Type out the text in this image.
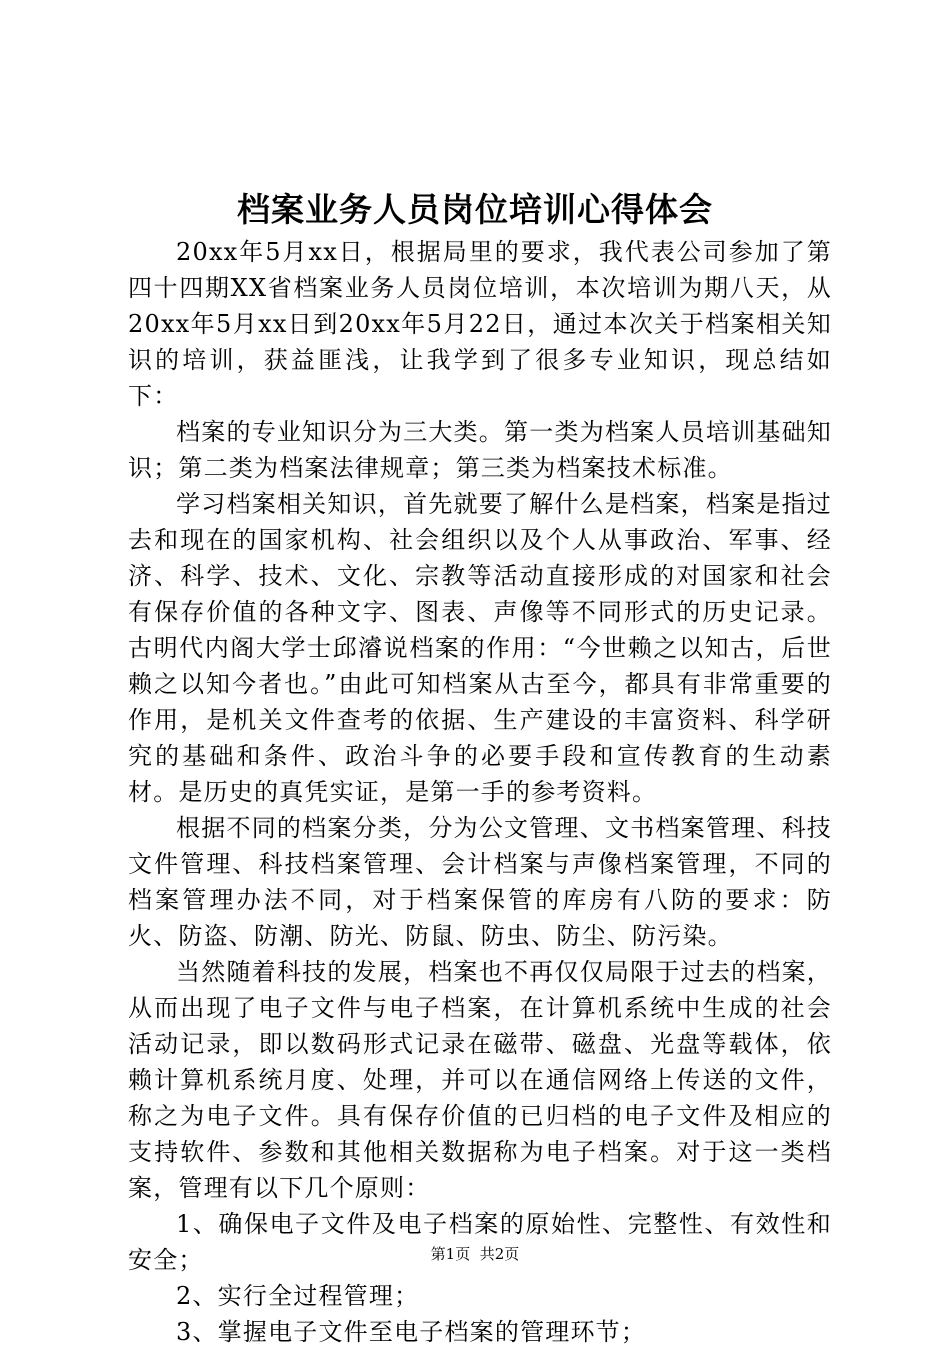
档案业务人员岗位培训心得体会

20xx年5月xx日，根据局里的要求，我代表公司参加了第四十四期XX省档案业务人员岗位培训，本次培训为期八天，从20xx年5月xx日到20xx年5月22日，通过本次关于档案相关知识的培训，获益匪浅，让我学到了很多专业知识，现总结如下：

档案的专业知识分为三大类。第一类为档案人员培训基础知识；第二类为档案法律规章；第三类为档案技术标准。

学习档案相关知识，首先就要了解什么是档案，档案是指过去和现在的国家机构、社会组织以及个人从事政治、军事、经济、科学、技术、文化、宗教等活动直接形成的对国家和社会有保存价值的各种文字、图表、声像等不同形式的历史记录。古明代内阁大学士邱濬说档案的作用：“今世赖之以知古，后世赖之以知今者也。”由此可知档案从古至今，都具有非常重要的作用，是机关文件查考的依据、生产建设的丰富资料、科学研究的基础和条件、政治斗争的必要手段和宣传教育的生动素材。是历史的真凭实证，是第一手的参考资料。

根据不同的档案分类，分为公文管理、文书档案管理、科技文件管理、科技档案管理、会计档案与声像档案管理，不同的档案管理办法不同，对于档案保管的库房有八防的要求：防火、防盗、防潮、防光、防鼠、防虫、防尘、防污染。

当然随着科技的发展，档案也不再仅仅局限于过去的档案，从而出现了电子文件与电子档案，在计算机系统中生成的社会活动记录，即以数码形式记录在磁带、磁盘、光盘等载体，依赖计算机系统月度、处理，并可以在通信网络上传送的文件，称之为电子文件。具有保存价值的已归档的电子文件及相应的支持软件、参数和其他相关数据称为电子档案。对于这一类档案，管理有以下几个原则：

1、确保电子文件及电子档案的原始性、完整性、有效性和安全；

2、实行全过程管理；

3、掌握电子文件至电子档案的管理环节；

第1页 共2页
